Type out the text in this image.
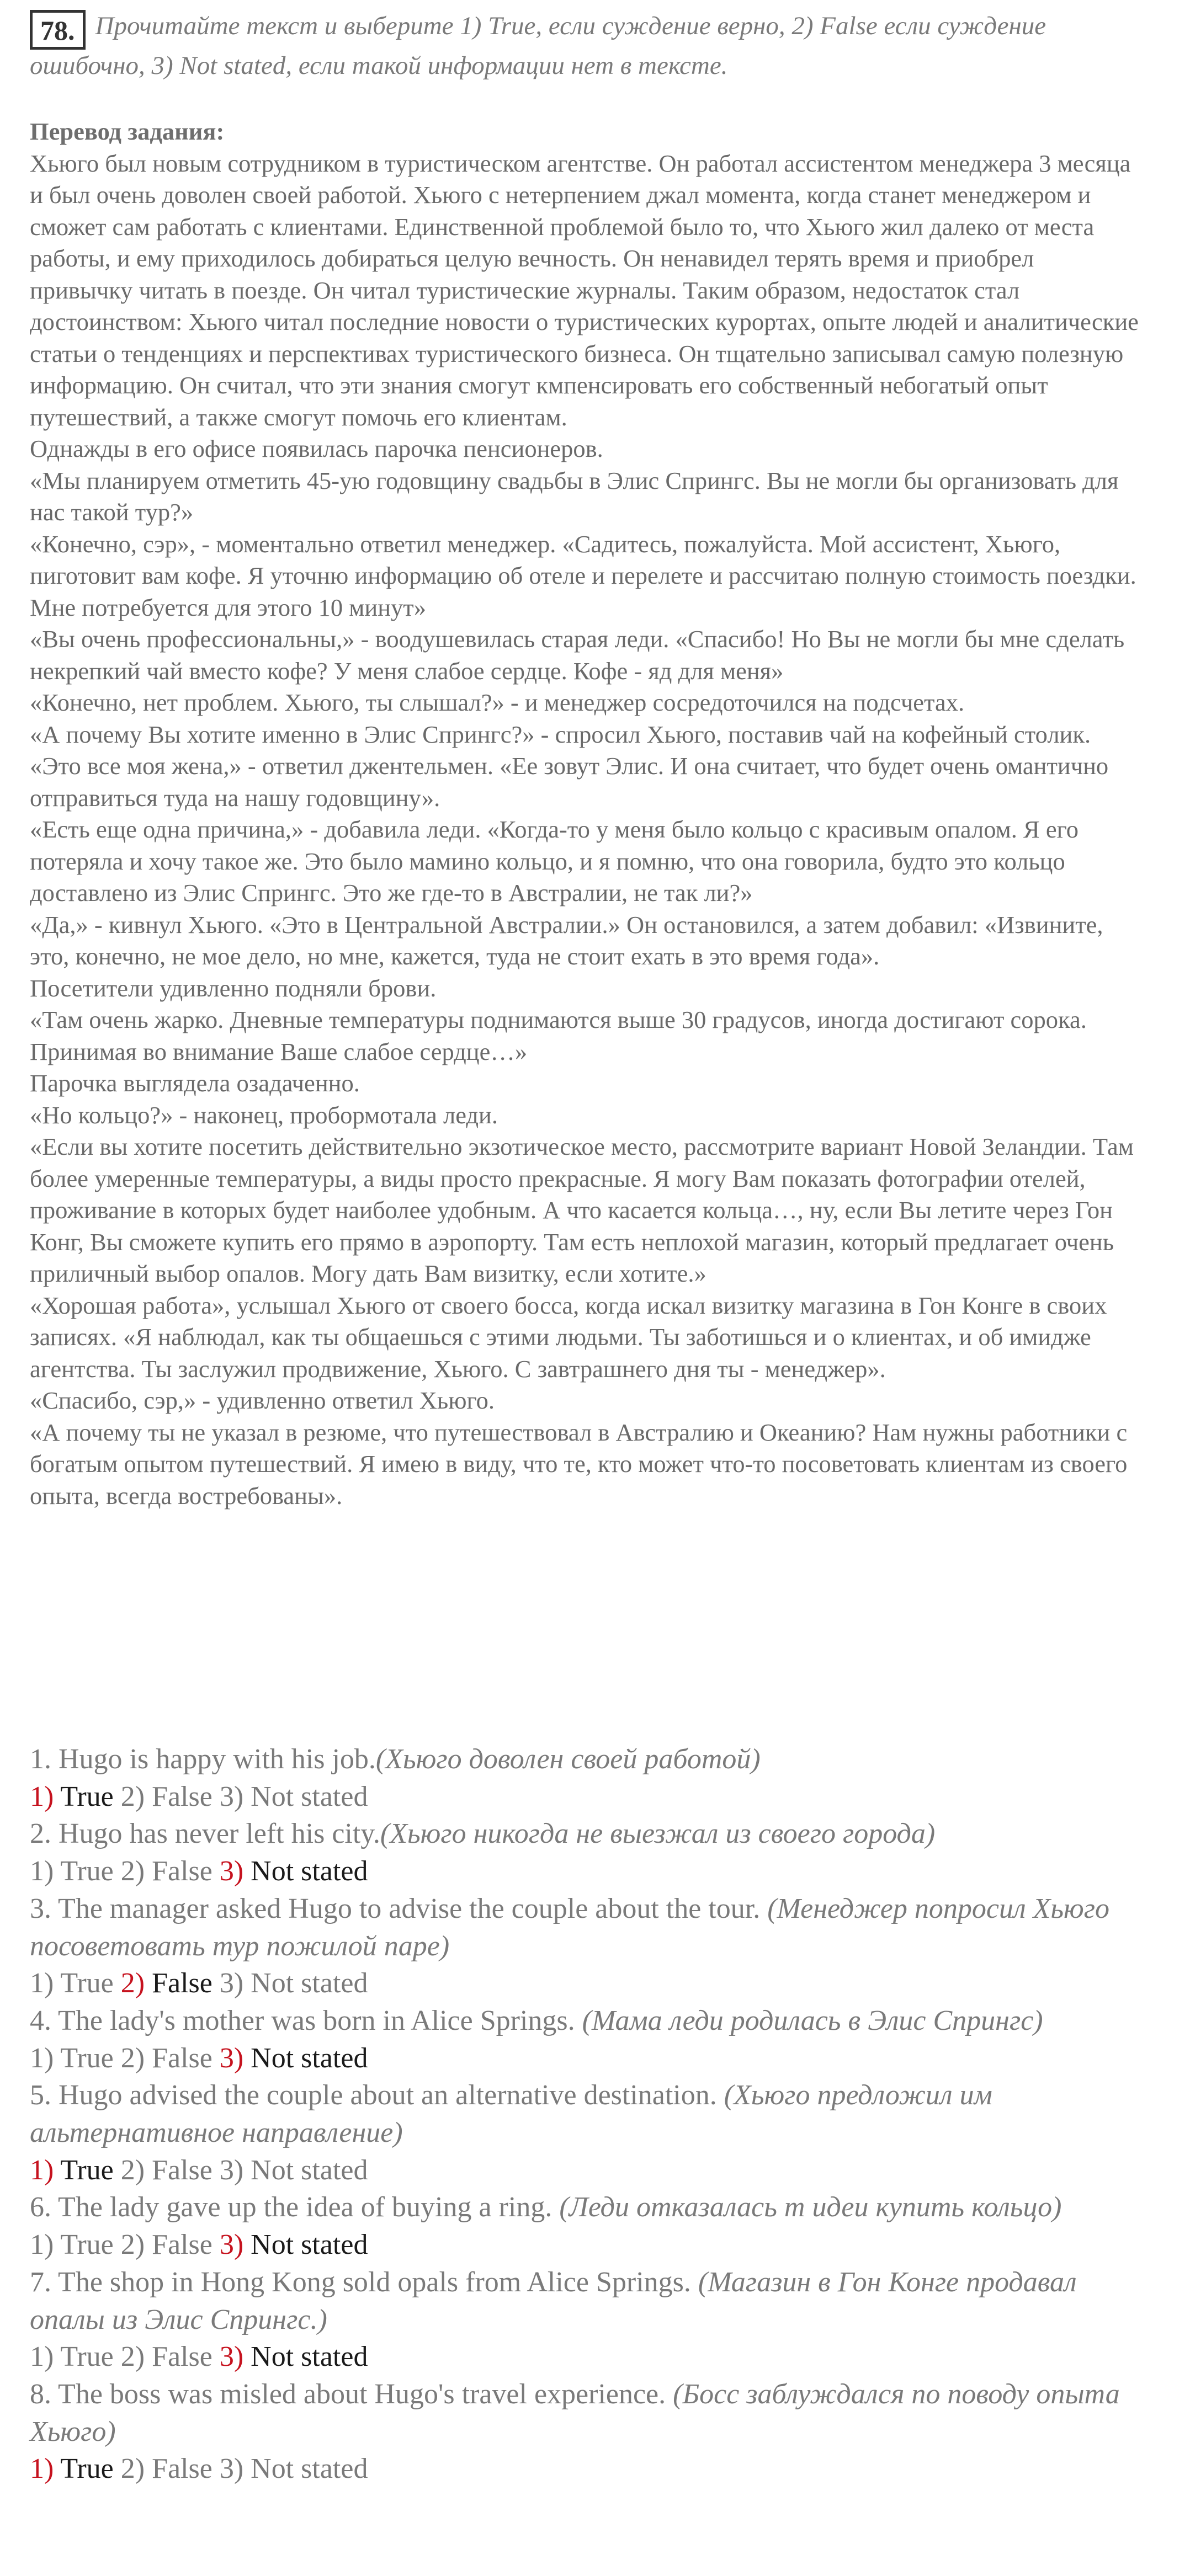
78. Прочитайте текст и выберите 1) True, если суждение верно, 2) False если суждение ошибочно, 3) Not stated, если такой информации нет в тексте.
Перевод задания:
Хьюго был новым сотрудником в туристическом агентстве. Он работал ассистентом менеджера 3 месяца и был очень доволен своей работой. Хьюго с нетерпением джал момента, когда станет менеджером и сможет сам работать с клиентами. Единственной проблемой было то, что Хьюго жил далеко от места работы, и ему приходилось добираться целую вечность. Он ненавидел терять время и приобрел привычку читать в поезде. Он читал туристические журналы. Таким образом, недостаток стал достоинством: Хьюго читал последние новости о туристических курортах, опыте людей и аналитические статьи о тенденциях и перспективах туристического бизнеса. Он тщательно записывал самую полезную информацию. Он считал, что эти знания смогут кмпенсировать его собственный небогатый опыт путешествий, а также смогут помочь его клиентам.
Однажды в его офисе появилась парочка пенсионеров.
«Мы планируем отметить 45-ую годовщину свадьбы в Элис Спрингс. Вы не могли бы организовать для нас такой тур?»
«Конечно, сэр», - моментально ответил менеджер. «Садитесь, пожалуйста. Мой ассистент, Хьюго, пиготовит вам кофе. Я уточню информацию об отеле и перелете и рассчитаю полную стоимость поездки. Мне потребуется для этого 10 минут»
«Вы очень профессиональны,» - воодушевилась старая леди. «Спасибо! Но Вы не могли бы мне сделать некрепкий чай вместо кофе? У меня слабое сердце. Кофе - яд для меня»
«Конечно, нет проблем. Хьюго, ты слышал?» - и менеджер сосредоточился на подсчетах.
«А почему Вы хотите именно в Элис Спрингс?» - спросил Хьюго, поставив чай на кофейный столик.
«Это все моя жена,» - ответил джентельмен. «Ее зовут Элис. И она считает, что будет очень омантично отправиться туда на нашу годовщину».
«Есть еще одна причина,» - добавила леди. «Когда-то у меня было кольцо с красивым опалом. Я его потеряла и хочу такое же. Это было мамино кольцо, и я помню, что она говорила, будто это кольцо доставлено из Элис Спрингс. Это же где-то в Австралии, не так ли?»
«Да,» - кивнул Хьюго. «Это в Центральной Австралии.» Он остановился, а затем добавил: «Извините, это, конечно, не мое дело, но мне, кажется, туда не стоит ехать в это время года».
Посетители удивленно подняли брови.
«Там очень жарко. Дневные температуры поднимаются выше 30 градусов, иногда достигают сорока. Принимая во внимание Ваше слабое сердце…»
Парочка выглядела озадаченно.
«Но кольцо?» - наконец, пробормотала леди.
«Если вы хотите посетить действительно экзотическое место, рассмотрите вариант Новой Зеландии. Там более умеренные температуры, а виды просто прекрасные. Я могу Вам показать фотографии отелей, проживание в которых будет наиболее удобным. А что касается кольца…, ну, если Вы летите через Гон Конг, Вы сможете купить его прямо в аэропорту. Там есть неплохой магазин, который предлагает очень приличный выбор опалов. Могу дать Вам визитку, если хотите.»
«Хорошая работа», услышал Хьюго от своего босса, когда искал визитку магазина в Гон Конге в своих записях. «Я наблюдал, как ты общаешься с этими людьми. Ты заботишься и о клиентах, и об имидже агентства. Ты заслужил продвижение, Хьюго. С завтрашнего дня ты - менеджер».
«Спасибо, сэр,» - удивленно ответил Хьюго.
«А почему ты не указал в резюме, что путешествовал в Австралию и Океанию? Нам нужны работники с богатым опытом путешествий. Я имею в виду, что те, кто может что-то посоветовать клиентам из своего опыта, всегда востребованы».
1. Hugo is happy with his job.(Хьюго доволен своей работой)
1) True 2) False 3) Not stated
2. Hugo has never left his city.(Хьюго никогда не выезжал из своего города)
1) True 2) False 3) Not stated
3. The manager asked Hugo to advise the couple about the tour. (Менеджер попросил Хьюго посоветовать тур пожилой паре)
1) True 2) False 3) Not stated
4. The lady's mother was born in Alice Springs. (Мама леди родилась в Элис Спрингс)
1) True 2) False 3) Not stated
5. Hugo advised the couple about an alternative destination. (Хьюго предложил им альтернативное направление)
1) True 2) False 3) Not stated
6. The lady gave up the idea of buying a ring. (Леди отказалась т идеи купить кольцо)
1) True 2) False 3) Not stated
7. The shop in Hong Kong sold opals from Alice Springs. (Магазин в Гон Конге продавал опалы из Элис Спрингс.)
1) True 2) False 3) Not stated
8. The boss was misled about Hugo's travel experience. (Босс заблуждался по поводу опыта Хьюго)
1) True 2) False 3) Not stated
